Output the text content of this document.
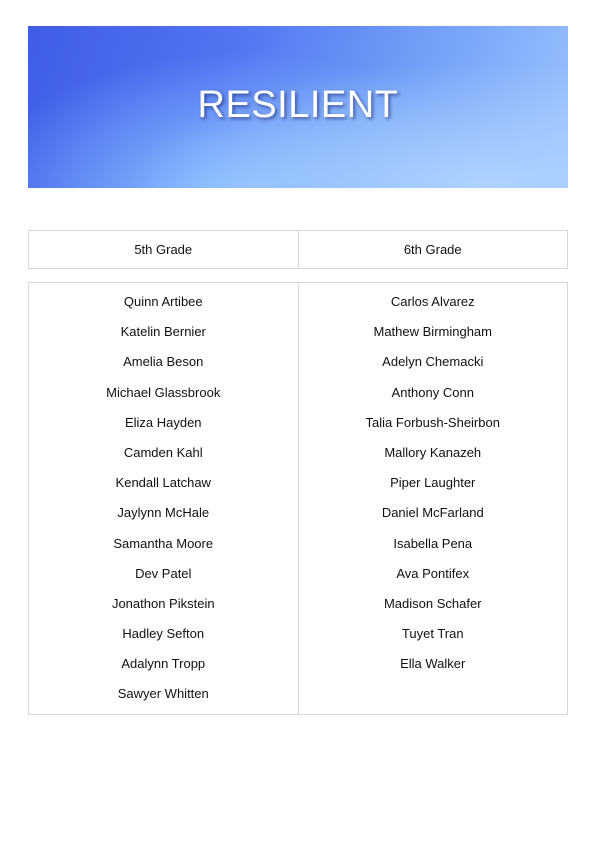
RESILIENT
5th Grade	6th Grade
Quinn Artibee
Katelin Bernier
Amelia Beson
Michael Glassbrook
Eliza Hayden
Camden Kahl
Kendall Latchaw
Jaylynn McHale
Samantha Moore
Dev Patel
Jonathon Pikstein
Hadley Sefton
Adalynn Tropp
Sawyer Whitten
Carlos Alvarez
Mathew Birmingham
Adelyn Chemacki
Anthony Conn
Talia Forbush-Sheirbon
Mallory Kanazeh
Piper Laughter
Daniel McFarland
Isabella Pena
Ava Pontifex
Madison Schafer
Tuyet Tran
Ella Walker
